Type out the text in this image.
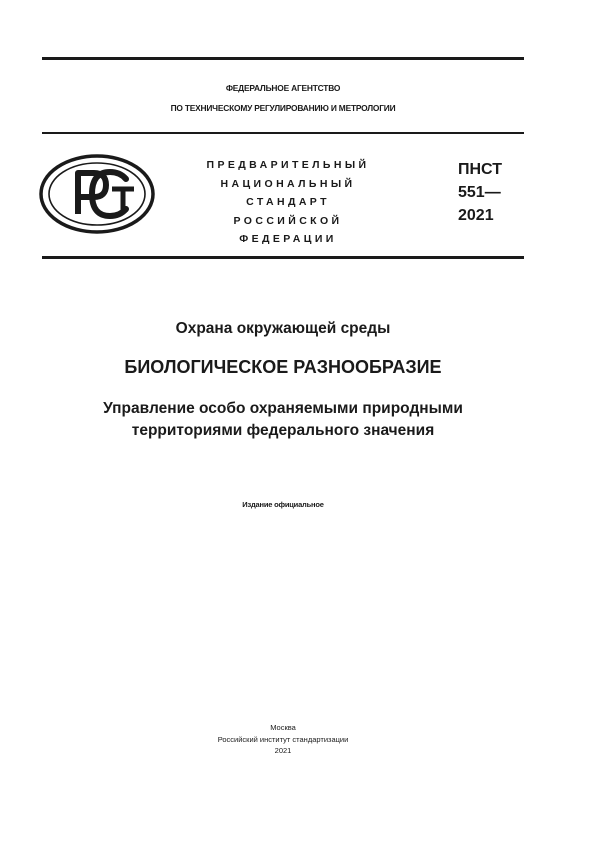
ФЕДЕРАЛЬНОЕ АГЕНТСТВО
ПО ТЕХНИЧЕСКОМУ РЕГУЛИРОВАНИЮ И МЕТРОЛОГИИ
ПРЕДВАРИТЕЛЬНЫЙ
НАЦИОНАЛЬНЫЙ
СТАНДАРТ
РОССИЙСКОЙ
ФЕДЕРАЦИИ
ПНСТ
551—
2021
Охрана окружающей среды
БИОЛОГИЧЕСКОЕ РАЗНООБРАЗИЕ
Управление особо охраняемыми природными
территориями федерального значения
Издание официальное
Москва
Российский институт стандартизации
2021
